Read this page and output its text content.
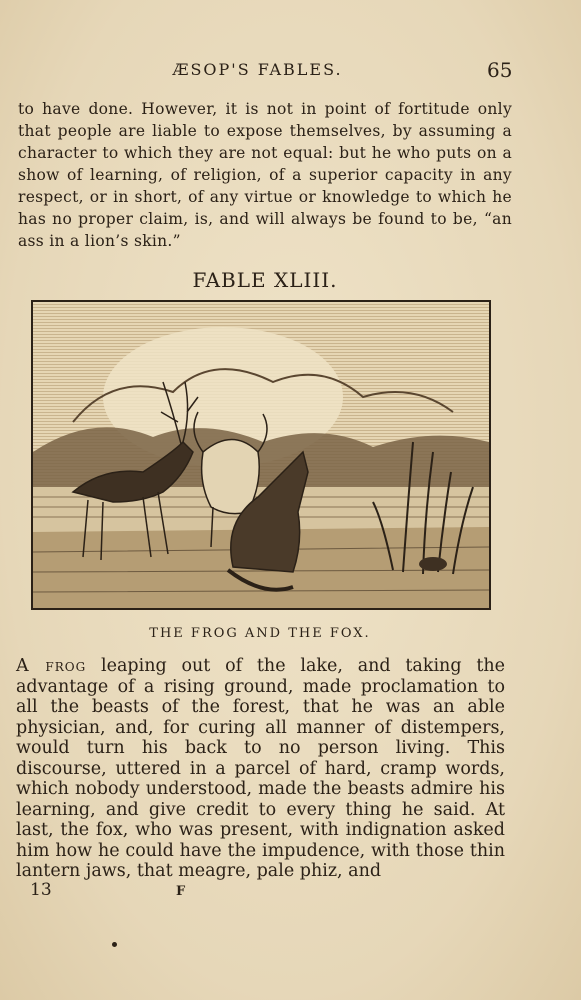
ÆSOP'S FABLES.	65
to have done. However, it is not in point of fortitude only that people are liable to expose themselves, by assuming a character to which they are not equal: but he who puts on a show of learning, of religion, of a superior capacity in any respect, or in short, of any virtue or knowledge to which he has no proper claim, is, and will always be found to be, “an ass in a lion’s skin.”
FABLE XLIII.
THE FROG AND THE FOX.
A frog leaping out of the lake, and taking the advantage of a rising ground, made proclamation to all the beasts of the forest, that he was an able physician, and, for curing all manner of distempers, would turn his back to no person living. This discourse, uttered in a parcel of hard, cramp words, which nobody understood, made the beasts admire his learning, and give credit to every thing he said. At last, the fox, who was present, with indignation asked him how he could have the impudence, with those thin lantern jaws, that meagre, pale phiz, and
13	F
